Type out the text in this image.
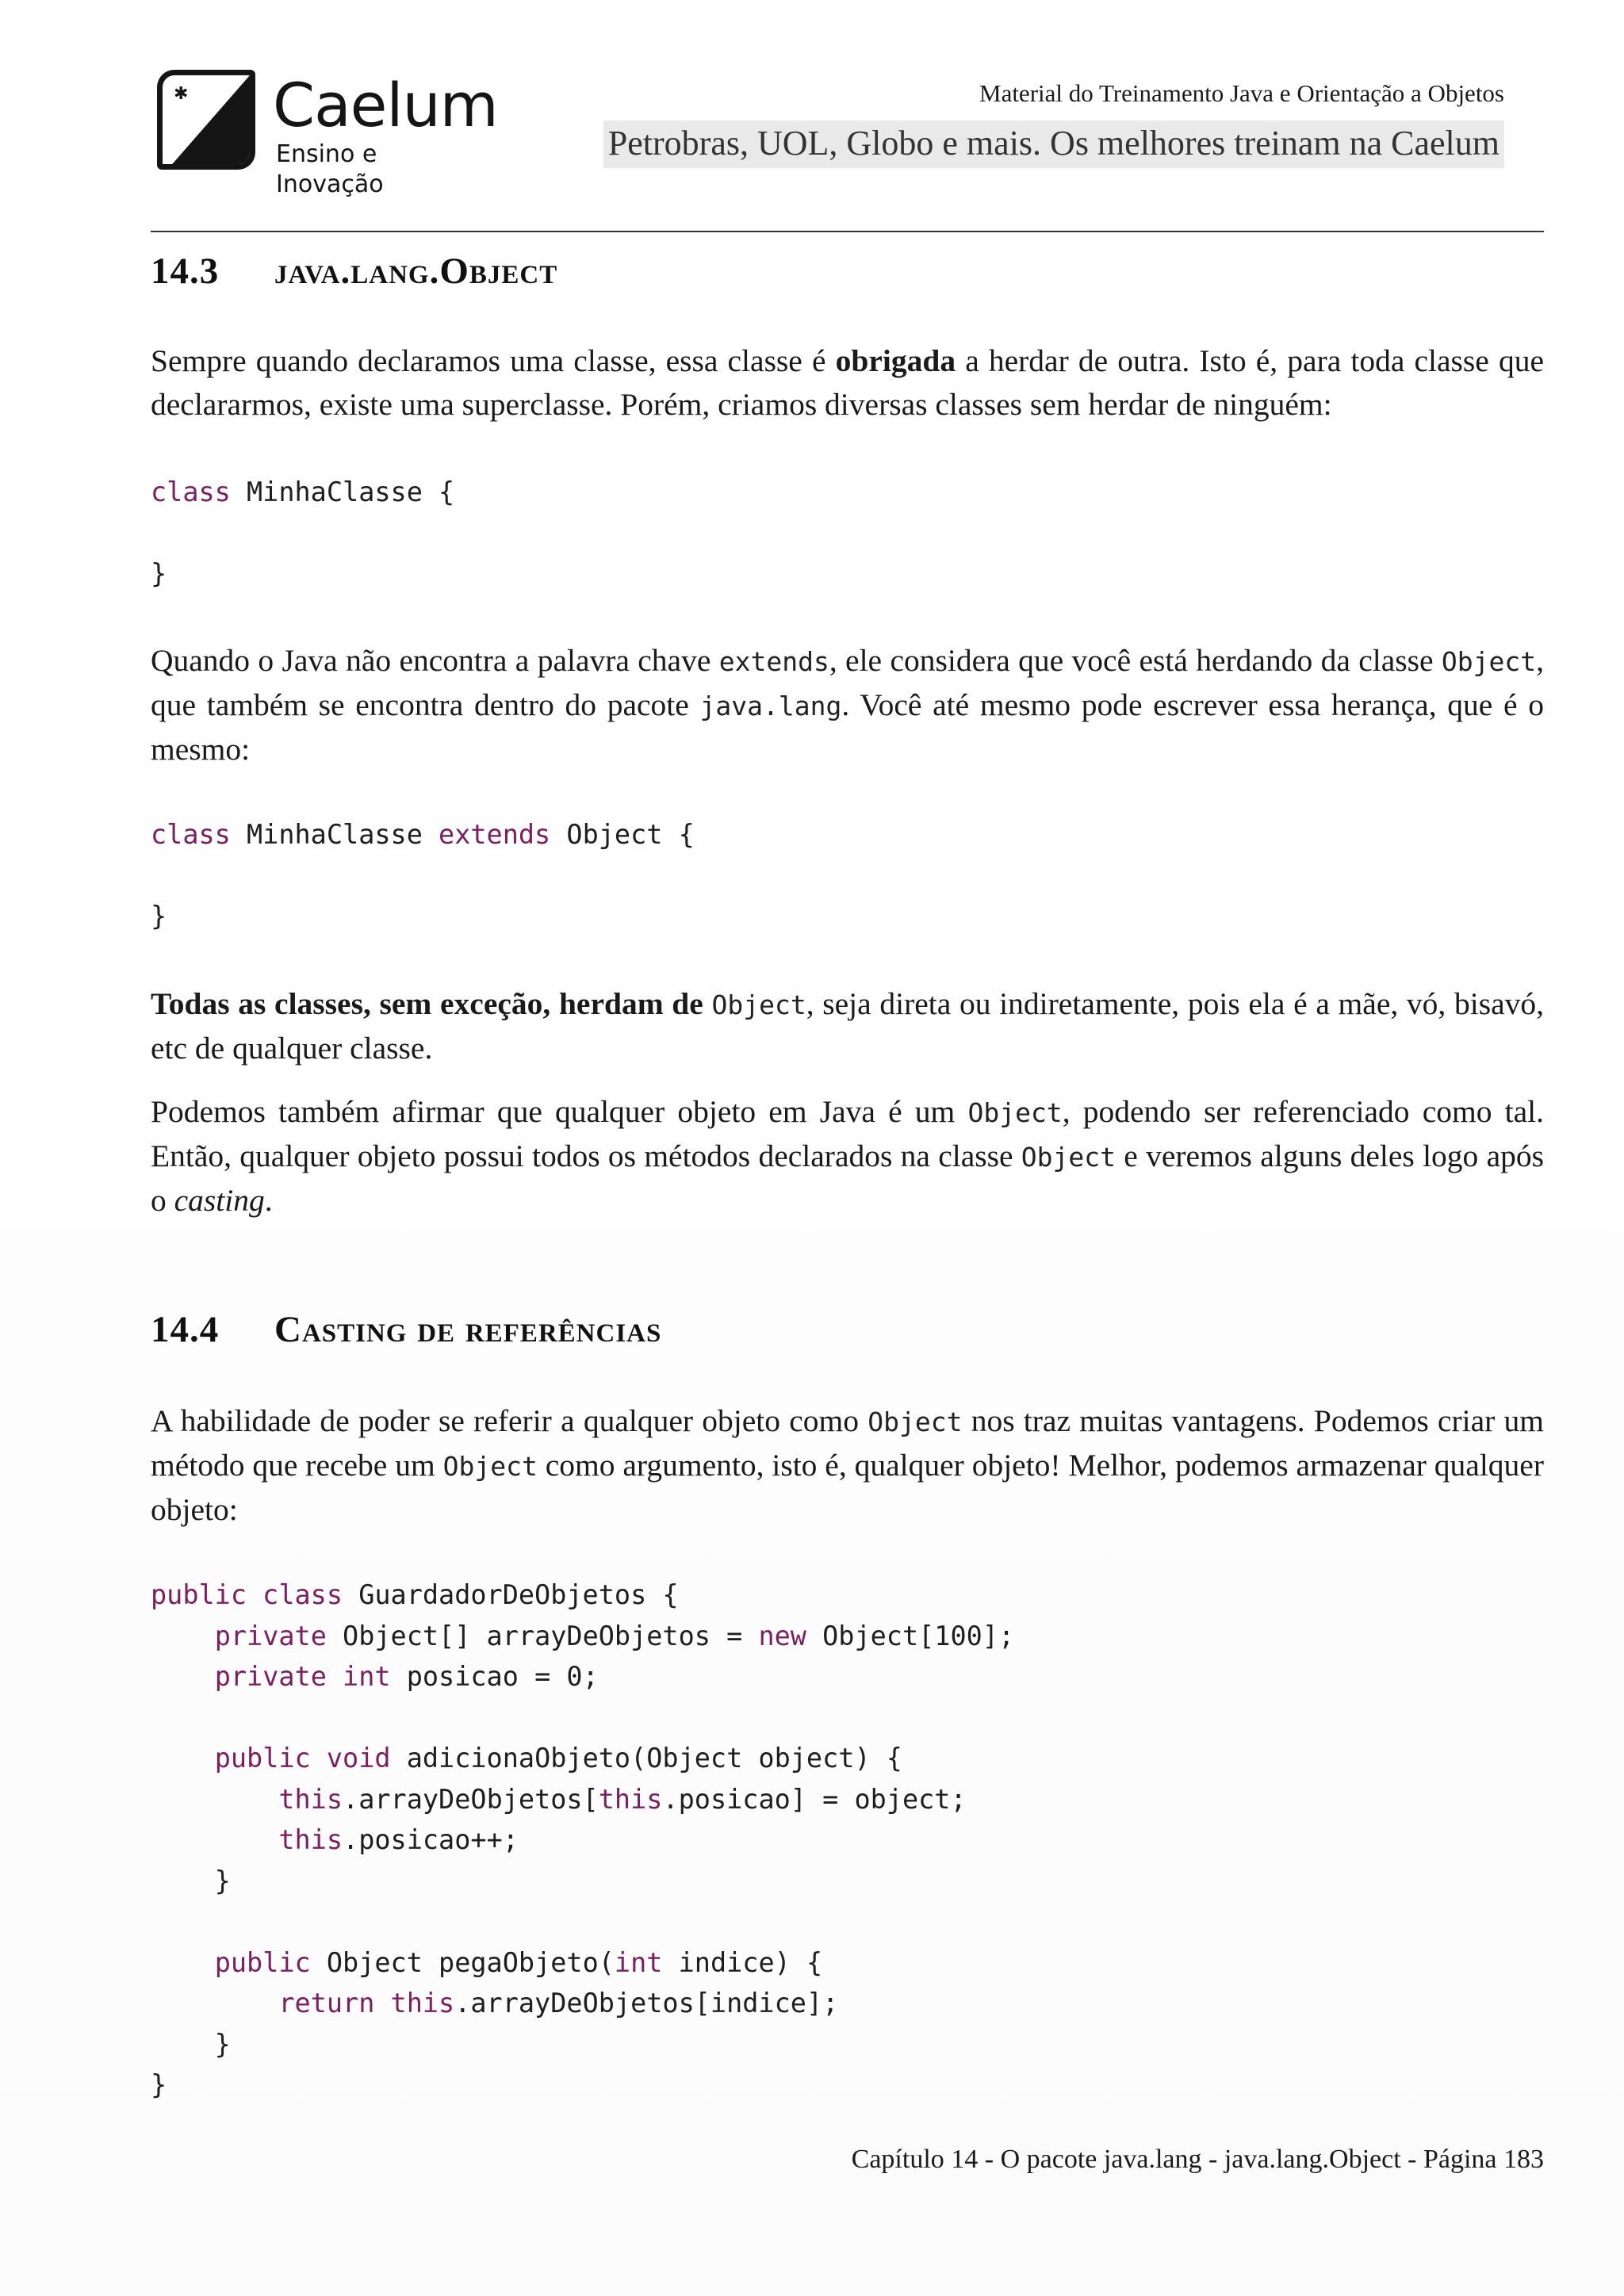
✱ Caelum
Ensino e Inovação
Material do Treinamento Java e Orientação a Objetos
Petrobras, UOL, Globo e mais. Os melhores treinam na Caelum
14.3 java.lang.Object
Sempre quando declaramos uma classe, essa classe é obrigada a herdar de outra. Isto é, para toda classe que declararmos, existe uma superclasse. Porém, criamos diversas classes sem herdar de ninguém:
class MinhaClasse {

}
Quando o Java não encontra a palavra chave extends, ele considera que você está herdando da classe Object, que também se encontra dentro do pacote java.lang. Você até mesmo pode escrever essa herança, que é o mesmo:
class MinhaClasse extends Object {

}
Todas as classes, sem exceção, herdam de Object, seja direta ou indiretamente, pois ela é a mãe, vó, bisavó, etc de qualquer classe.
Podemos também afirmar que qualquer objeto em Java é um Object, podendo ser referenciado como tal. Então, qualquer objeto possui todos os métodos declarados na classe Object e veremos alguns deles logo após o casting.
14.4 Casting de referências
A habilidade de poder se referir a qualquer objeto como Object nos traz muitas vantagens. Podemos criar um método que recebe um Object como argumento, isto é, qualquer objeto! Melhor, podemos armazenar qualquer objeto:
public class GuardadorDeObjetos {
private Object[] arrayDeObjetos = new Object[100];
private int posicao = 0;

public void adicionaObjeto(Object object) {
this.arrayDeObjetos[this.posicao] = object;
this.posicao++;
}

public Object pegaObjeto(int indice) {
return this.arrayDeObjetos[indice];
}
}
Capítulo 14 - O pacote java.lang - java.lang.Object - Página 183
